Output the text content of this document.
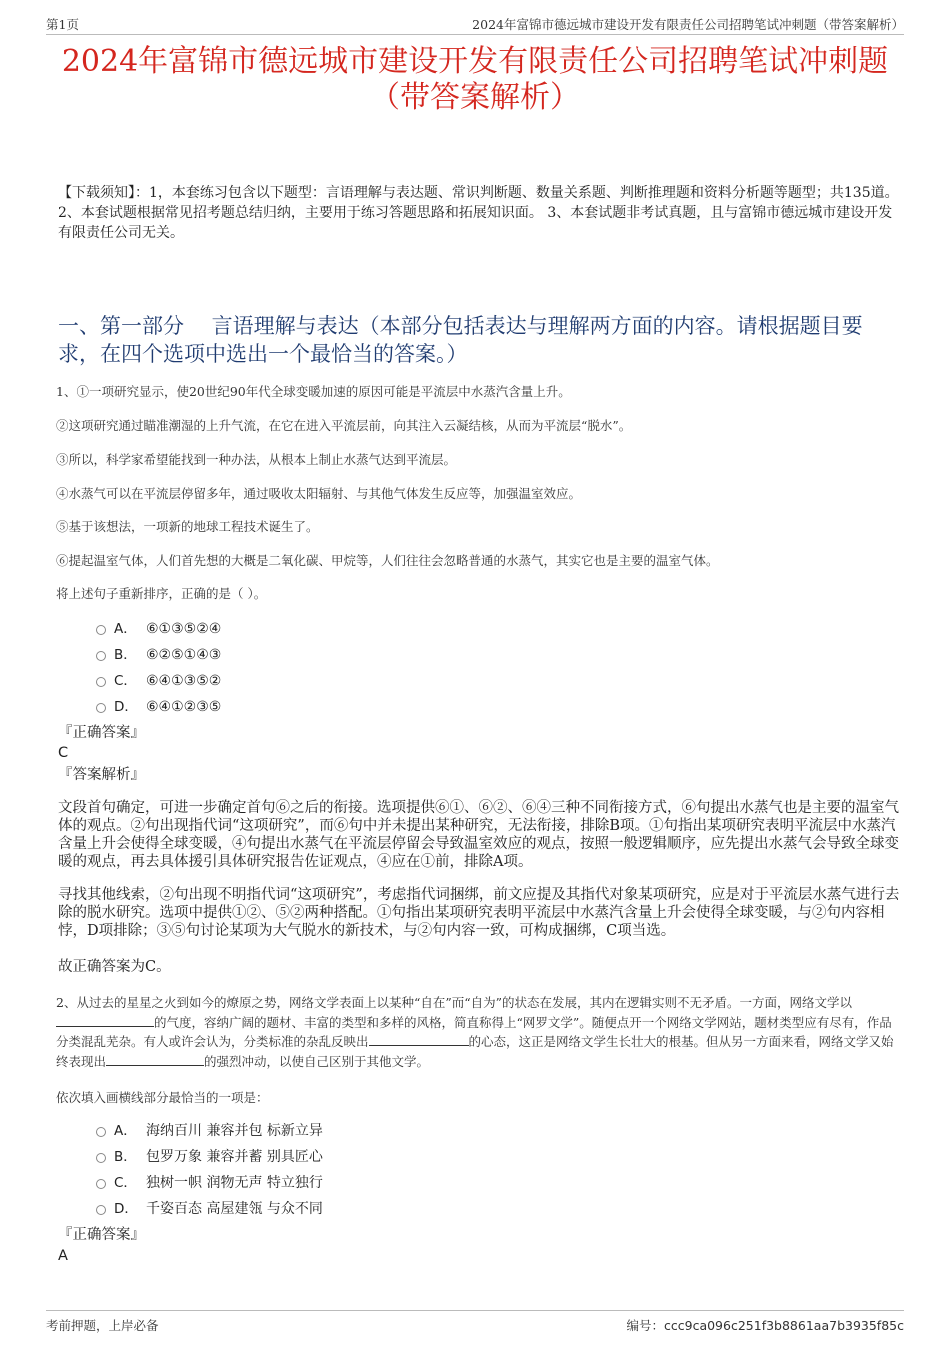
第1页	2024年富锦市德远城市建设开发有限责任公司招聘笔试冲刺题（带答案解析）
2024年富锦市德远城市建设开发有限责任公司招聘笔试冲刺题
（带答案解析）
【下载须知】：1，本套练习包含以下题型：言语理解与表达题、常识判断题、数量关系题、判断推理题和资料分析题等题型；共135道。 2、本套试题根据常见招考题总结归纳，主要用于练习答题思路和拓展知识面。 3、本套试题非考试真题，且与富锦市德远城市建设开发有限责任公司无关。
一、第一部分　 言语理解与表达（本部分包括表达与理解两方面的内容。请根据题目要求，在四个选项中选出一个最恰当的答案。）
1、①一项研究显示，使20世纪90年代全球变暖加速的原因可能是平流层中水蒸汽含量上升。
②这项研究通过瞄准潮湿的上升气流，在它在进入平流层前，向其注入云凝结核，从而为平流层“脱水”。
③所以，科学家希望能找到一种办法，从根本上制止水蒸气达到平流层。
④水蒸气可以在平流层停留多年，通过吸收太阳辐射、与其他气体发生反应等，加强温室效应。
⑤基于该想法，一项新的地球工程技术诞生了。
⑥提起温室气体，人们首先想的大概是二氧化碳、甲烷等，人们往往会忽略普通的水蒸气，其实它也是主要的温室气体。
将上述句子重新排序，正确的是（ ）。
A． ⑥①③⑤②④
B． ⑥②⑤①④③
C． ⑥④①③⑤②
D． ⑥④①②③⑤
『正确答案』
C
『答案解析』
文段首句确定，可进一步确定首句⑥之后的衔接。选项提供⑥①、⑥②、⑥④三种不同衔接方式，⑥句提出水蒸气也是主要的温室气体的观点。②句出现指代词“这项研究”，而⑥句中并未提出某种研究，无法衔接，排除B项。①句指出某项研究表明平流层中水蒸汽含量上升会使得全球变暖，④句提出水蒸气在平流层停留会导致温室效应的观点，按照一般逻辑顺序，应先提出水蒸气会导致全球变暖的观点，再去具体援引具体研究报告佐证观点，④应在①前，排除A项。
寻找其他线索，②句出现不明指代词“这项研究”，考虑指代词捆绑，前文应提及其指代对象某项研究，应是对于平流层水蒸气进行去除的脱水研究。选项中提供①②、⑤②两种搭配。①句指出某项研究表明平流层中水蒸汽含量上升会使得全球变暖，与②句内容相悖，D项排除；③⑤句讨论某项为大气脱水的新技术，与②句内容一致，可构成捆绑，C项当选。
故正确答案为C。
2、从过去的星星之火到如今的燎原之势，网络文学表面上以某种“自在”而“自为”的状态在发展，其内在逻辑实则不无矛盾。一方面，网络文学以的气度，容纳广阔的题材、丰富的类型和多样的风格，简直称得上“网罗文学”。随便点开一个网络文学网站，题材类型应有尽有，作品分类混乱芜杂。有人或许会认为，分类标准的杂乱反映出	的心态，这正是网络文学生长壮大的根基。但从另一方面来看，网络文学又始终表现出	的强烈冲动，以使自己区别于其他文学。
依次填入画横线部分最恰当的一项是：
A． 海纳百川 兼容并包 标新立异
B． 包罗万象 兼容并蓄 别具匠心
C． 独树一帜 润物无声 特立独行
D． 千姿百态 高屋建瓴 与众不同
『正确答案』
A
考前押题，上岸必备	编号：ccc9ca096c251f3b8861aa7b3935f85c
